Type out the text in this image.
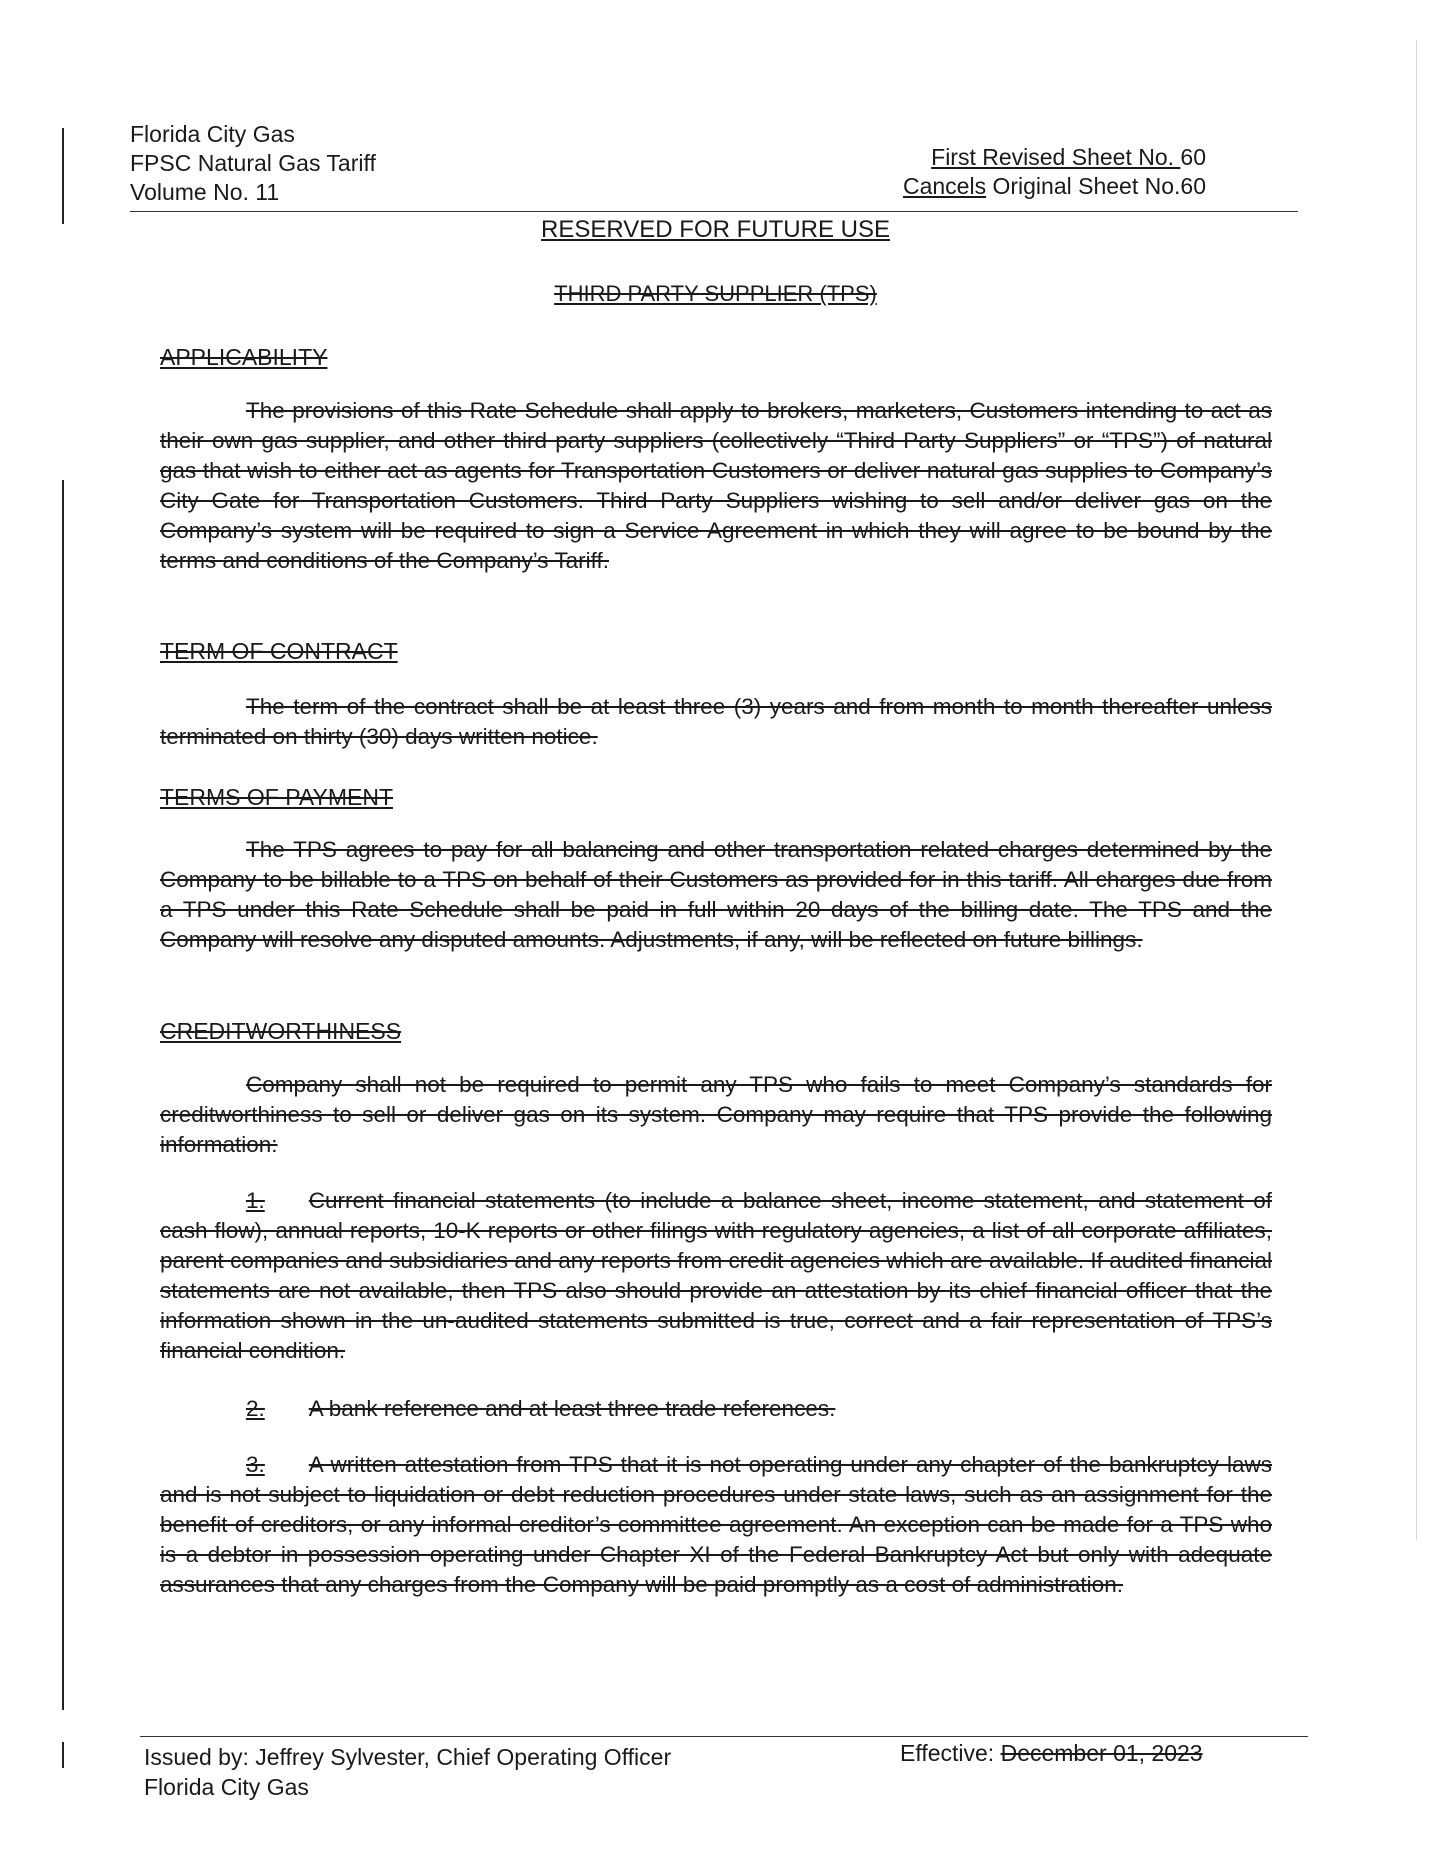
Florida City Gas
FPSC Natural Gas Tariff
Volume No. 11
First Revised Sheet No. 60
Cancels Original Sheet No.60
RESERVED FOR FUTURE USE
THIRD PARTY SUPPLIER (TPS)
APPLICABILITY
The provisions of this Rate Schedule shall apply to brokers, marketers, Customers intending to act as their own gas supplier, and other third party suppliers (collectively “Third Party Suppliers” or “TPS”) of natural gas that wish to either act as agents for Transportation Customers or deliver natural gas supplies to Company’s City Gate for Transportation Customers. Third Party Suppliers wishing to sell and/or deliver gas on the Company’s system will be required to sign a Service Agreement in which they will agree to be bound by the terms and conditions of the Company’s Tariff.
TERM OF CONTRACT
The term of the contract shall be at least three (3) years and from month to month thereafter unless terminated on thirty (30) days written notice.
TERMS OF PAYMENT
The TPS agrees to pay for all balancing and other transportation related charges determined by the Company to be billable to a TPS on behalf of their Customers as provided for in this tariff. All charges due from a TPS under this Rate Schedule shall be paid in full within 20 days of the billing date. The TPS and the Company will resolve any disputed amounts. Adjustments, if any, will be reflected on future billings.
CREDITWORTHINESS
Company shall not be required to permit any TPS who fails to meet Company’s standards for creditworthiness to sell or deliver gas on its system. Company may require that TPS provide the following information:
1. Current financial statements (to include a balance sheet, income statement, and statement of cash flow), annual reports, 10-K reports or other filings with regulatory agencies, a list of all corporate affiliates, parent companies and subsidiaries and any reports from credit agencies which are available. If audited financial statements are not available, then TPS also should provide an attestation by its chief financial officer that the information shown in the un-audited statements submitted is true, correct and a fair representation of TPS’s financial condition.
2. A bank reference and at least three trade references.
3. A written attestation from TPS that it is not operating under any chapter of the bankruptcy laws and is not subject to liquidation or debt reduction procedures under state laws, such as an assignment for the benefit of creditors, or any informal creditor’s committee agreement. An exception can be made for a TPS who is a debtor in possession operating under Chapter XI of the Federal Bankruptcy Act but only with adequate assurances that any charges from the Company will be paid promptly as a cost of administration.
Issued by: Jeffrey Sylvester, Chief Operating Officer
Florida City Gas
Effective: December 01, 2023
